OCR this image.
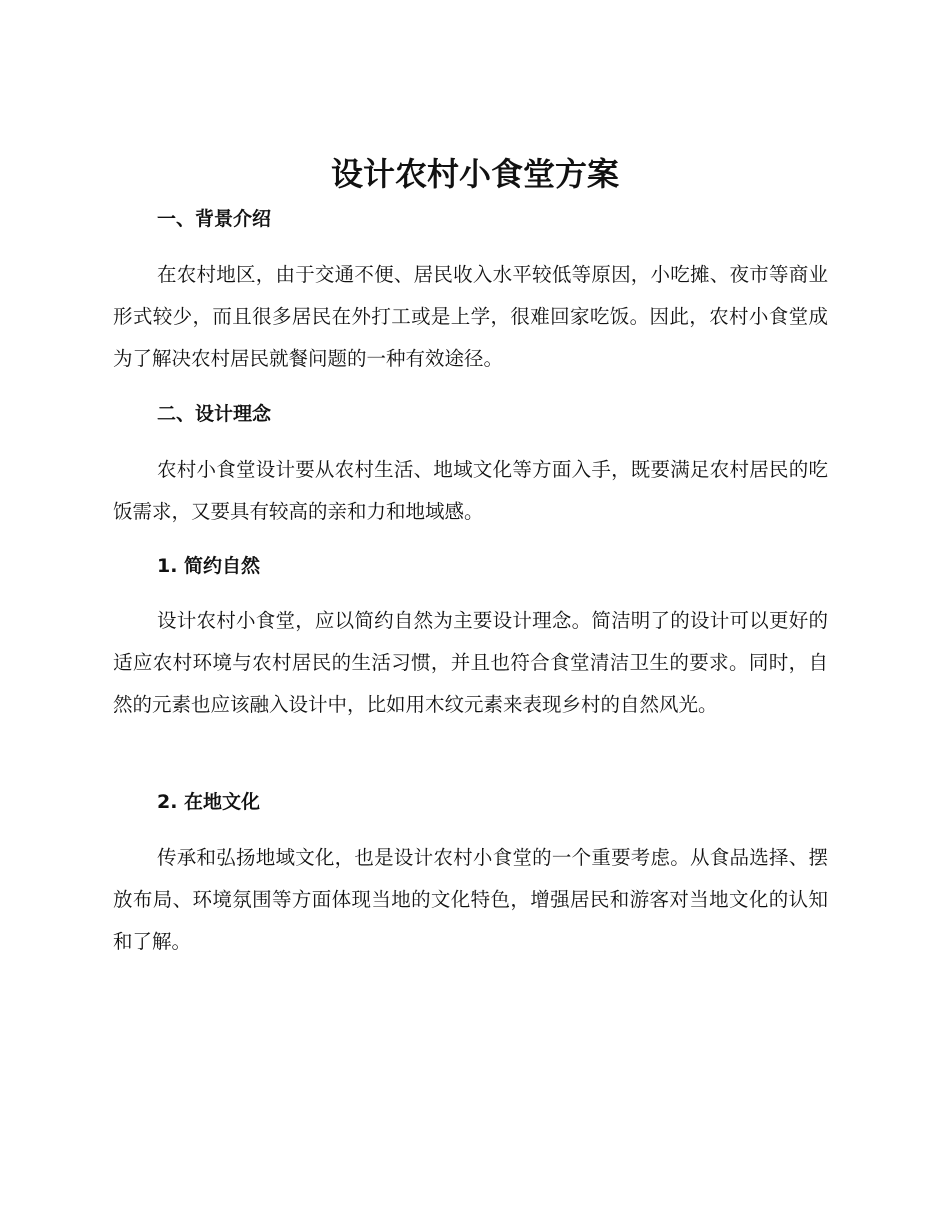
设计农村小食堂方案
一、背景介绍

在农村地区，由于交通不便、居民收入水平较低等原因，小吃摊、夜市等商业形式较少，而且很多居民在外打工或是上学，很难回家吃饭。因此，农村小食堂成为了解决农村居民就餐问题的一种有效途径。

二、设计理念

农村小食堂设计要从农村生活、地域文化等方面入手，既要满足农村居民的吃饭需求，又要具有较高的亲和力和地域感。

1. 简约自然

设计农村小食堂，应以简约自然为主要设计理念。简洁明了的设计可以更好的适应农村环境与农村居民的生活习惯，并且也符合食堂清洁卫生的要求。同时，自然的元素也应该融入设计中，比如用木纹元素来表现乡村的自然风光。

2. 在地文化

传承和弘扬地域文化，也是设计农村小食堂的一个重要考虑。从食品选择、摆放布局、环境氛围等方面体现当地的文化特色，增强居民和游客对当地文化的认知和了解。
